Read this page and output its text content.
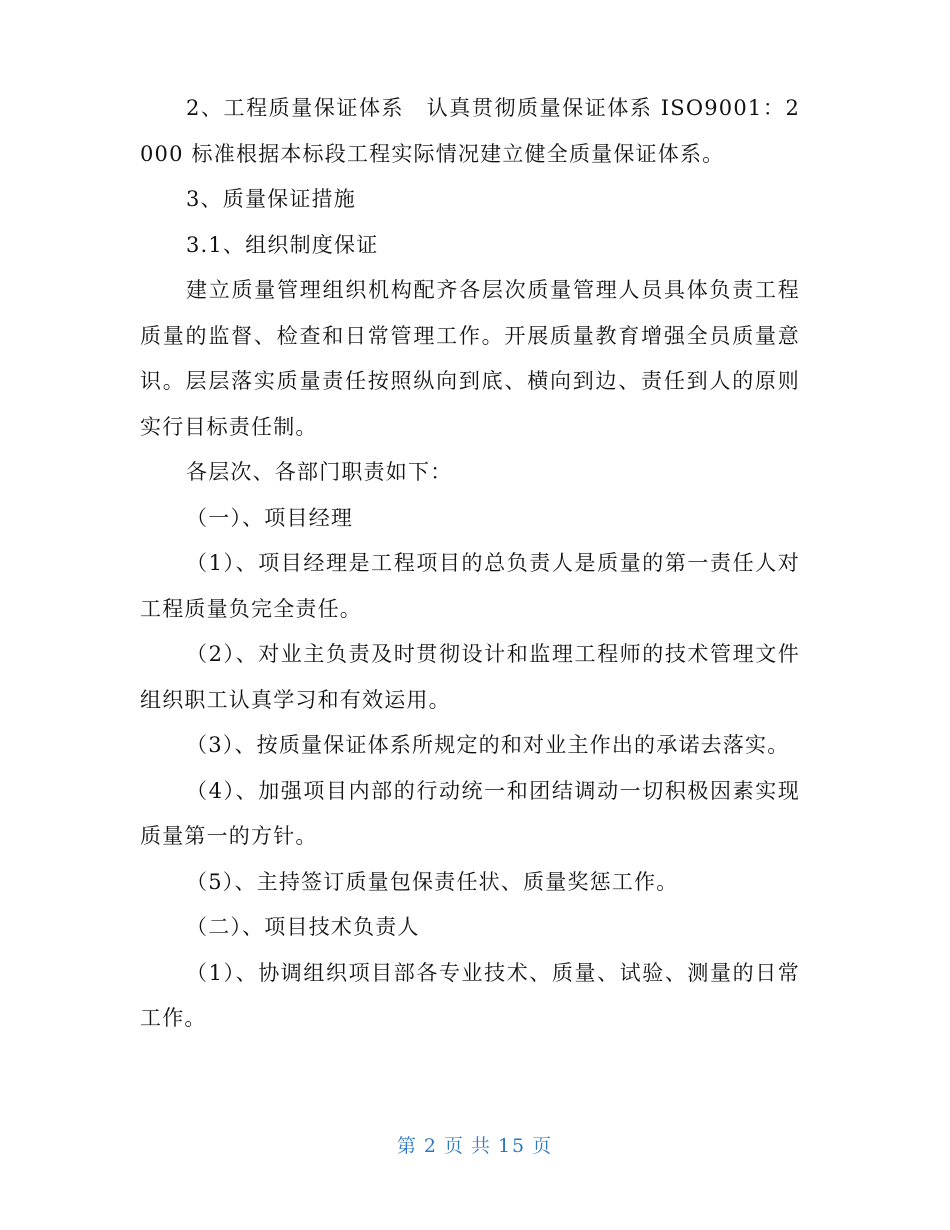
2、工程质量保证体系　认真贯彻质量保证体系 ISO9001：2000 标准根据本标段工程实际情况建立健全质量保证体系。

3、质量保证措施

3.1、组织制度保证

建立质量管理组织机构配齐各层次质量管理人员具体负责工程质量的监督、检查和日常管理工作。开展质量教育增强全员质量意识。层层落实质量责任按照纵向到底、横向到边、责任到人的原则实行目标责任制。

各层次、各部门职责如下：

（一）、项目经理

（1）、项目经理是工程项目的总负责人是质量的第一责任人对工程质量负完全责任。

（2）、对业主负责及时贯彻设计和监理工程师的技术管理文件组织职工认真学习和有效运用。

（3）、按质量保证体系所规定的和对业主作出的承诺去落实。

（4）、加强项目内部的行动统一和团结调动一切积极因素实现质量第一的方针。

（5）、主持签订质量包保责任状、质量奖惩工作。

（二）、项目技术负责人

（1）、协调组织项目部各专业技术、质量、试验、测量的日常工作。

第 2 页 共 15 页
